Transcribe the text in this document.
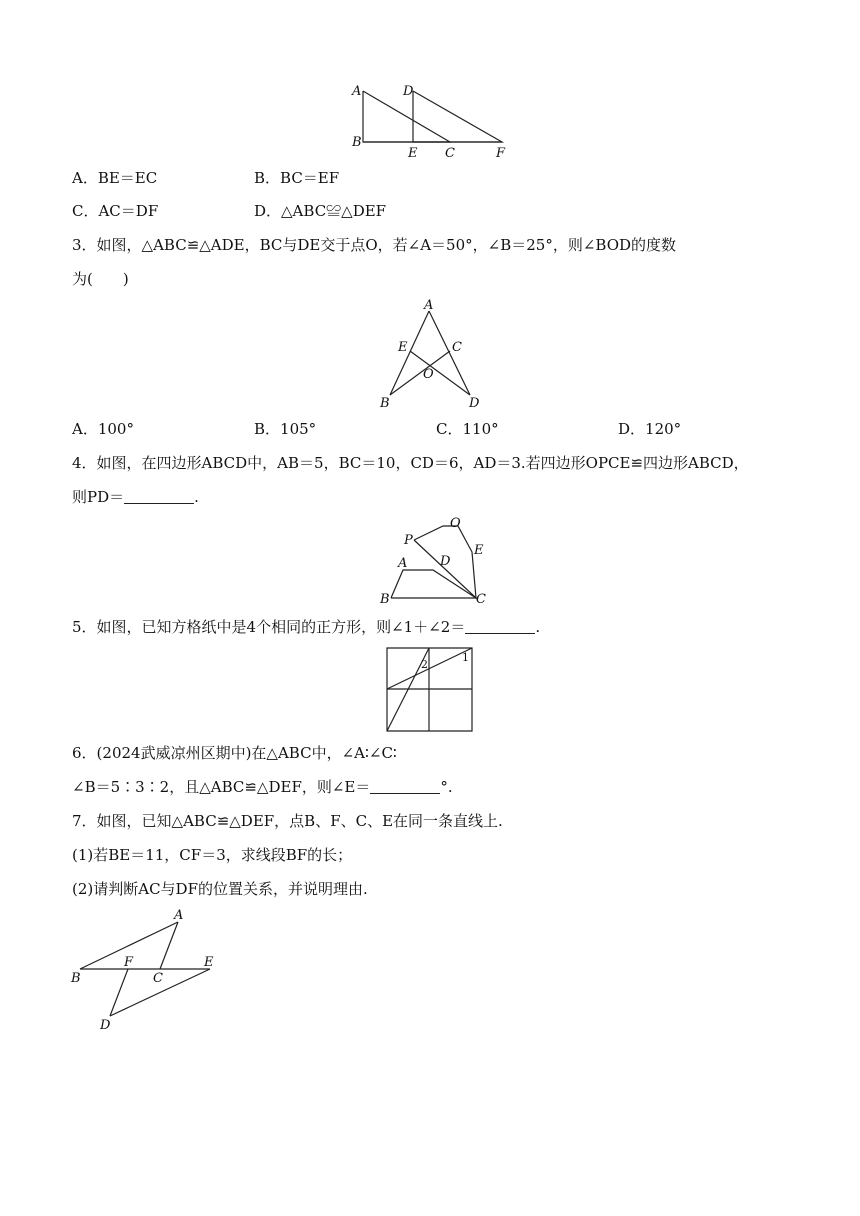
A
B
D
E C	F
A．BE＝EC	B．BC＝EF
C．AC＝DF	D．△ABC≌△DEF
3．如图，△ABC≌△ADE，BC与DE交于点O，若∠A＝50°，∠B＝25°，则∠BOD的度数
为(　　)
A
E	C
O
B	D
A．100°	B．105°	C．110°	D．120°
4．如图，在四边形ABCD中，AB＝5，BC＝10，CD＝6，AD＝3.若四边形OPCE≌四边形ABCD，
则PD＝	.
P
O
E
A	D
B	C
5．如图，已知方格纸中是4个相同的正方形，则∠1＋∠2＝	.
2
1
6．(2024武威凉州区期中)在△ABC中，∠A∶∠C∶
∠B＝5∶3∶2，且△ABC≌△DEF，则∠E＝	°.
7．如图，已知△ABC≌△DEF，点B、F、C、E在同一条直线上.
(1)若BE＝11，CF＝3，求线段BF的长；
(2)请判断AC与DF的位置关系，并说明理由.
A
F	E
B	C
D
